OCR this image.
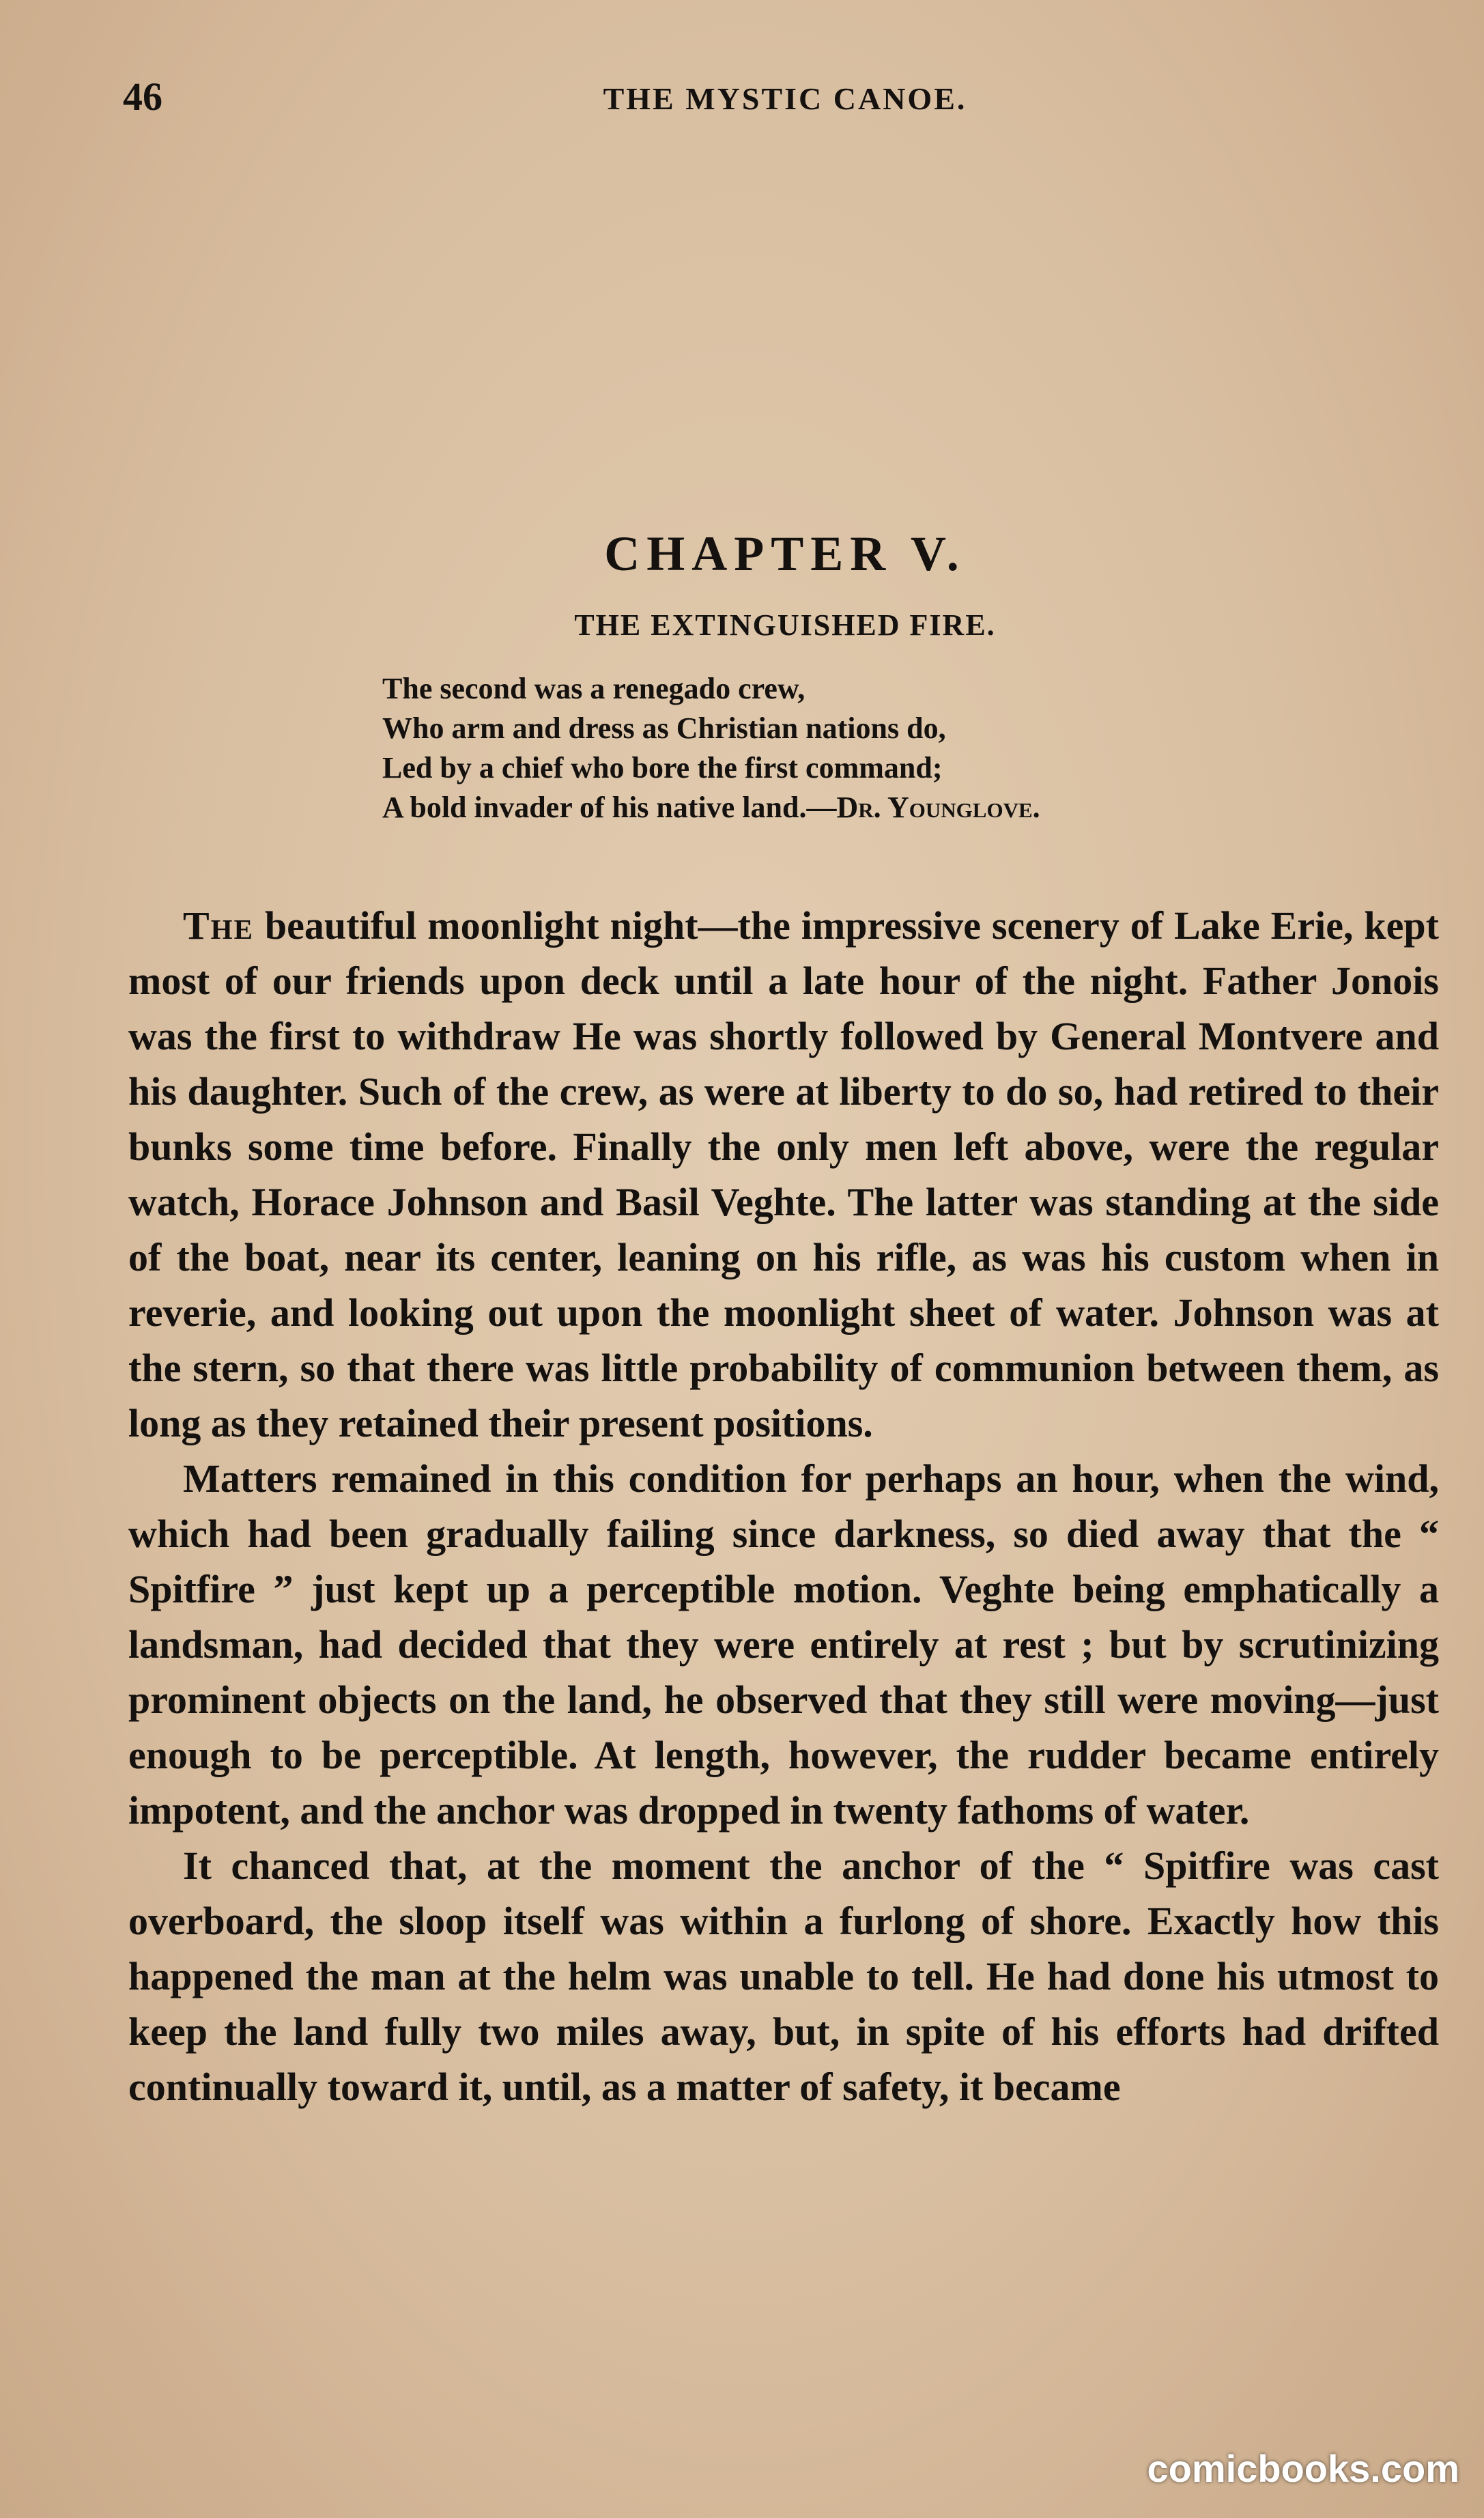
46	THE MYSTIC CANOE.
CHAPTER V.
THE EXTINGUISHED FIRE.
The second was a renegado crew,
Who arm and dress as Christian nations do,
Led by a chief who bore the first command;
A bold invader of his native land.—Dr. Younglove.

The beautiful moonlight night—the impressive scenery of Lake Erie, kept most of our friends upon deck until a late hour of the night. Father Jonois was the first to withdraw He was shortly followed by General Montvere and his daughter. Such of the crew, as were at liberty to do so, had retired to their bunks some time before. Finally the only men left above, were the regular watch, Horace Johnson and Basil Veghte. The latter was standing at the side of the boat, near its center, leaning on his rifle, as was his custom when in reverie, and looking out upon the moonlight sheet of water. Johnson was at the stern, so that there was little probability of communion between them, as long as they retained their present positions.

Matters remained in this condition for perhaps an hour, when the wind, which had been gradually failing since darkness, so died away that the “ Spitfire ” just kept up a perceptible motion. Veghte being emphatically a landsman, had decided that they were entirely at rest ; but by scrutinizing prominent objects on the land, he observed that they still were moving—just enough to be perceptible. At length, however, the rudder became entirely impotent, and the anchor was dropped in twenty fathoms of water.

It chanced that, at the moment the anchor of the “ Spitfire was cast overboard, the sloop itself was within a furlong of shore. Exactly how this happened the man at the helm was unable to tell. He had done his utmost to keep the land fully two miles away, but, in spite of his efforts had drifted continually toward it, until, as a matter of safety, it became

comicbooks.com
